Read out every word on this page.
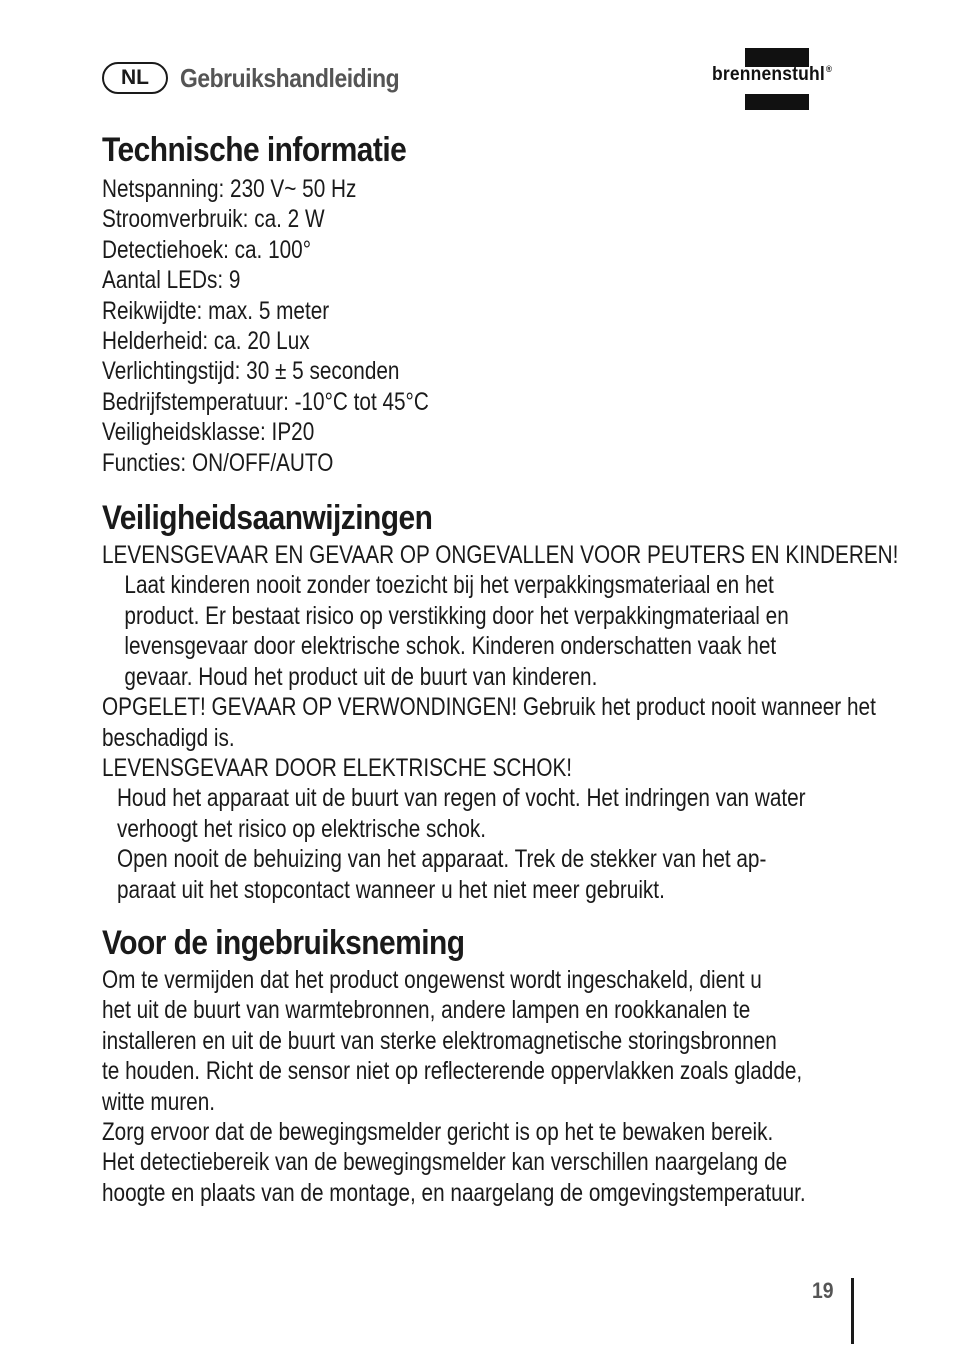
NL	Gebruikshandleiding	brennenstuhl®
Technische informatie
Netspanning: 230 V~ 50 Hz
Stroomverbruik: ca. 2 W
Detectiehoek: ca. 100°
Aantal LEDs: 9
Reikwijdte: max. 5 meter
Helderheid: ca. 20 Lux
Verlichtingstijd: 30 ± 5 seconden
Bedrijfstemperatuur: -10°C tot 45°C
Veiligheidsklasse: IP20
Functies: ON/OFF/AUTO
Veiligheidsaanwijzingen
LEVENSGEVAAR EN GEVAAR OP ONGEVALLEN VOOR PEUTERS EN KINDEREN!
Laat kinderen nooit zonder toezicht bij het verpakkingsmateriaal en het
product. Er bestaat risico op verstikking door het verpakkingmateriaal en
levensgevaar door elektrische schok. Kinderen onderschatten vaak het
gevaar. Houd het product uit de buurt van kinderen.
OPGELET! GEVAAR OP VERWONDINGEN! Gebruik het product nooit wanneer het
beschadigd is.
LEVENSGEVAAR DOOR ELEKTRISCHE SCHOK!
Houd het apparaat uit de buurt van regen of vocht. Het indringen van water
verhoogt het risico op elektrische schok.
Open nooit de behuizing van het apparaat. Trek de stekker van het ap-
paraat uit het stopcontact wanneer u het niet meer gebruikt.
Voor de ingebruiksneming
Om te vermijden dat het product ongewenst wordt ingeschakeld, dient u
het uit de buurt van warmtebronnen, andere lampen en rookkanalen te
installeren en uit de buurt van sterke elektromagnetische storingsbronnen
te houden. Richt de sensor niet op reflecterende oppervlakken zoals gladde,
witte muren.
Zorg ervoor dat de bewegingsmelder gericht is op het te bewaken bereik.
Het detectiebereik van de bewegingsmelder kan verschillen naargelang de
hoogte en plaats van de montage, en naargelang de omgevingstemperatuur.
19
